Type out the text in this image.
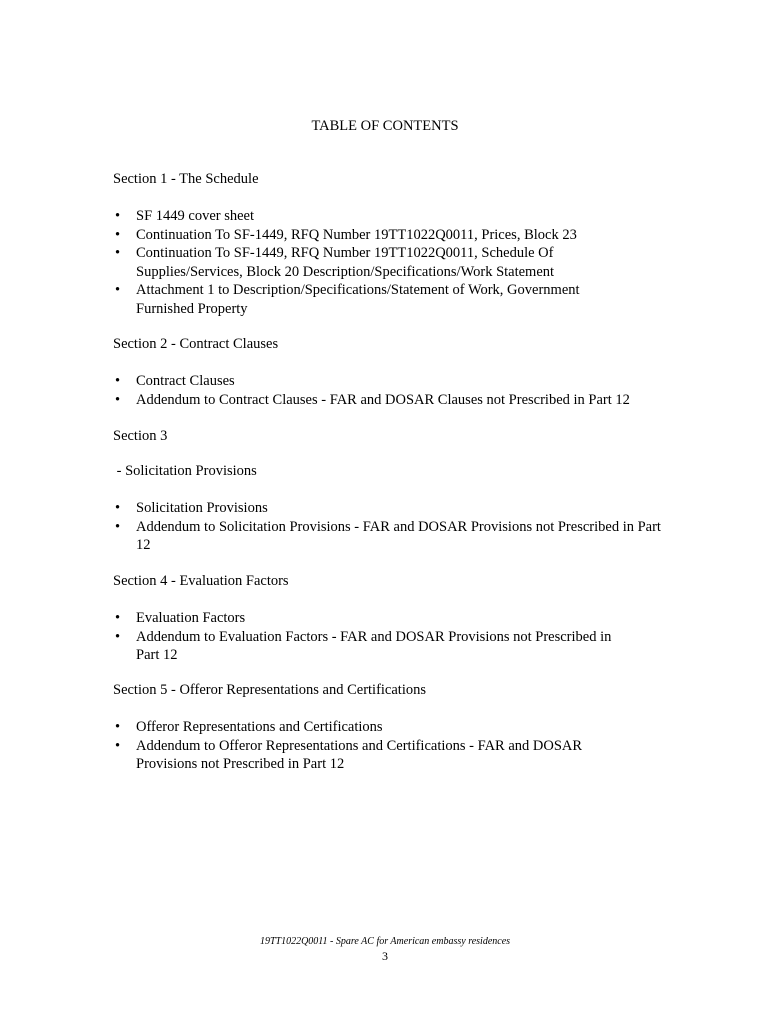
TABLE OF CONTENTS
Section 1 - The Schedule
• SF 1449 cover sheet
• Continuation To SF-1449, RFQ Number 19TT1022Q0011, Prices, Block 23
• Continuation To SF-1449, RFQ Number 19TT1022Q0011, Schedule Of Supplies/Services, Block 20 Description/Specifications/Work Statement
• Attachment 1 to Description/Specifications/Statement of Work, Government Furnished Property
Section 2 - Contract Clauses
• Contract Clauses
• Addendum to Contract Clauses - FAR and DOSAR Clauses not Prescribed in Part 12
Section 3
- Solicitation Provisions
• Solicitation Provisions
• Addendum to Solicitation Provisions - FAR and DOSAR Provisions not Prescribed in Part 12
Section 4 - Evaluation Factors
• Evaluation Factors
• Addendum to Evaluation Factors - FAR and DOSAR Provisions not Prescribed in Part 12
Section 5 - Offeror Representations and Certifications
• Offeror Representations and Certifications
• Addendum to Offeror Representations and Certifications - FAR and DOSAR Provisions not Prescribed in Part 12
19TT1022Q0011 - Spare AC for American embassy residences
3
